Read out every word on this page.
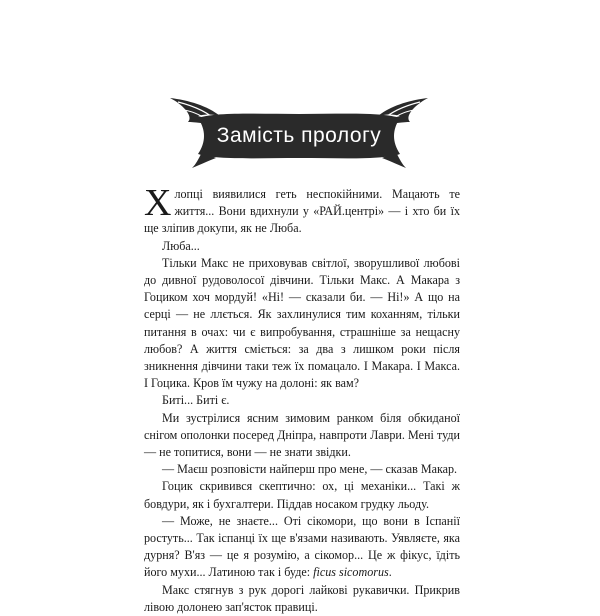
Замість прологу

Хлопці виявилися геть неспокійними. Мацають те життя... Вони вдихнули у «РАЙ.центрі» — і хто би їх ще зліпив докупи, як не Люба.

Люба...

Тільки Макс не приховував світлої, зворушливої любові до дивної рудоволосої дівчини. Тільки Макс. А Макара з Гоциком хоч мордуй! «Ні! — сказали би. — Ні!» А що на серці — не ллється. Як захлинулися тим коханням, тільки питання в очах: чи є випробування, страшніше за нещасну любов? А життя сміється: за два з лишком роки після зникнення дівчини таки теж їх помацало. І Макара. І Макса. І Гоцика. Кров їм чужу на долоні: як вам?

Биті... Биті є.

Ми зустрілися ясним зимовим ранком біля обкиданої снігом ополонки посеред Дніпра, навпроти Лаври. Мені туди — не топитися, вони — не знати звідки.

— Маєш розповісти найперш про мене, — сказав Макар.

Гоцик скривився скептично: ох, ці механіки... Такі ж бовдури, як і бухгалтери. Піддав носаком грудку льоду.

— Може, не знаєте... Оті сікомори, що вони в Іспанії ростуть... Так іспанці їх ще в'язами називають. Уявляєте, яка дурня? В'яз — це я розумію, а сікомор... Це ж фікус, їдіть його мухи... Латиною так і буде: ficus sicomorus.

Макс стягнув з рук дорогі лайкові рукавички. Прикрив лівою долонею зап'ясток правиці.
